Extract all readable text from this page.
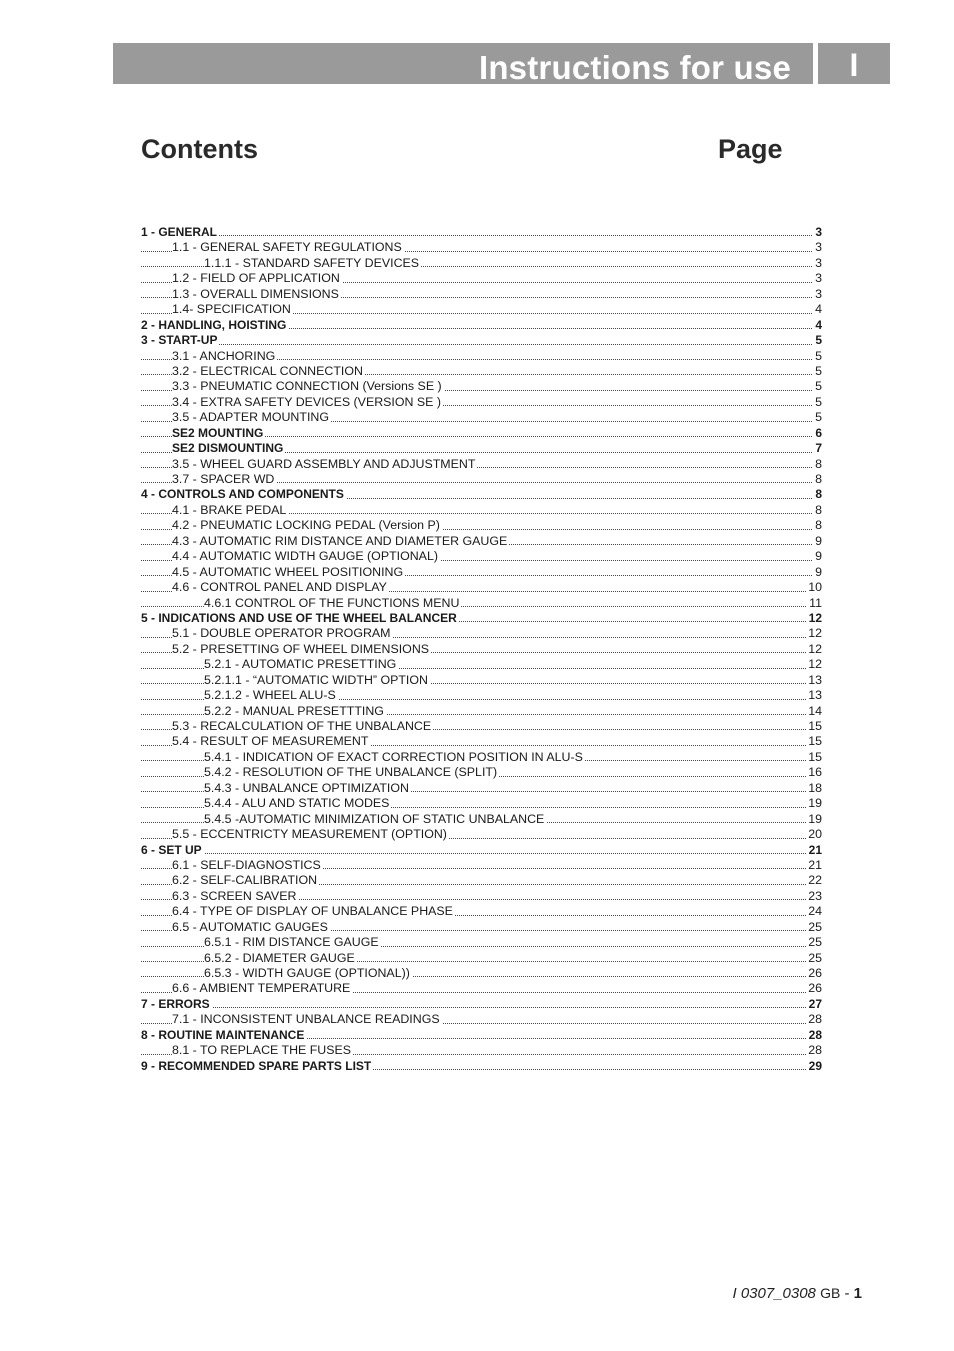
Instructions for use	I
Contents	Page
1 - GENERAL	3
1.1 - GENERAL SAFETY REGULATIONS	3
1.1.1 - STANDARD SAFETY DEVICES	3
1.2 - FIELD OF APPLICATION	3
1.3 - OVERALL DIMENSIONS	3
1.4- SPECIFICATION	4
2 - HANDLING, HOISTING	4
3 - START-UP	5
3.1 - ANCHORING	5
3.2 - ELECTRICAL CONNECTION	5
3.3 - PNEUMATIC CONNECTION (Versions SE )	5
3.4 - EXTRA SAFETY DEVICES (VERSION SE )	5
3.5 - ADAPTER MOUNTING	5
SE2 MOUNTING	6
SE2 DISMOUNTING	7
3.5 - WHEEL GUARD ASSEMBLY AND ADJUSTMENT	8
3.7 - SPACER WD	8
4 - CONTROLS AND COMPONENTS	8
4.1 - BRAKE PEDAL	8
4.2 - PNEUMATIC LOCKING PEDAL (Version P)	8
4.3 - AUTOMATIC RIM DISTANCE AND DIAMETER GAUGE	9
4.4 - AUTOMATIC WIDTH GAUGE (OPTIONAL)	9
4.5 - AUTOMATIC WHEEL POSITIONING	9
4.6 - CONTROL PANEL AND DISPLAY	10
4.6.1 CONTROL OF THE FUNCTIONS MENU	11
5 - INDICATIONS AND USE OF THE WHEEL BALANCER	12
5.1 - DOUBLE OPERATOR PROGRAM	12
5.2 - PRESETTING OF WHEEL DIMENSIONS	12
5.2.1 - AUTOMATIC PRESETTING	12
5.2.1.1 - “AUTOMATIC WIDTH” OPTION	13
5.2.1.2 - WHEEL ALU-S	13
5.2.2 - MANUAL PRESETTTING	14
5.3 - RECALCULATION OF THE UNBALANCE	15
5.4 - RESULT OF MEASUREMENT	15
5.4.1 - INDICATION OF EXACT CORRECTION POSITION IN ALU-S	15
5.4.2 - RESOLUTION OF THE UNBALANCE (SPLIT)	16
5.4.3 - UNBALANCE OPTIMIZATION	18
5.4.4 - ALU AND STATIC MODES	19
5.4.5 -AUTOMATIC MINIMIZATION OF STATIC UNBALANCE	19
5.5 - ECCENTRICTY MEASUREMENT (OPTION)	20
6 - SET UP	21
6.1 - SELF-DIAGNOSTICS	21
6.2 - SELF-CALIBRATION	22
6.3 - SCREEN SAVER	23
6.4 - TYPE OF DISPLAY OF UNBALANCE PHASE	24
6.5 - AUTOMATIC GAUGES	25
6.5.1 - RIM DISTANCE GAUGE	25
6.5.2 - DIAMETER GAUGE	25
6.5.3 - WIDTH GAUGE (OPTIONAL))	26
6.6 - AMBIENT TEMPERATURE	26
7 - ERRORS	27
7.1 - INCONSISTENT UNBALANCE READINGS	28
8 - ROUTINE MAINTENANCE	28
8.1 - TO REPLACE THE FUSES	28
9 - RECOMMENDED SPARE PARTS LIST	29
I 0307_0308 GB - 1
